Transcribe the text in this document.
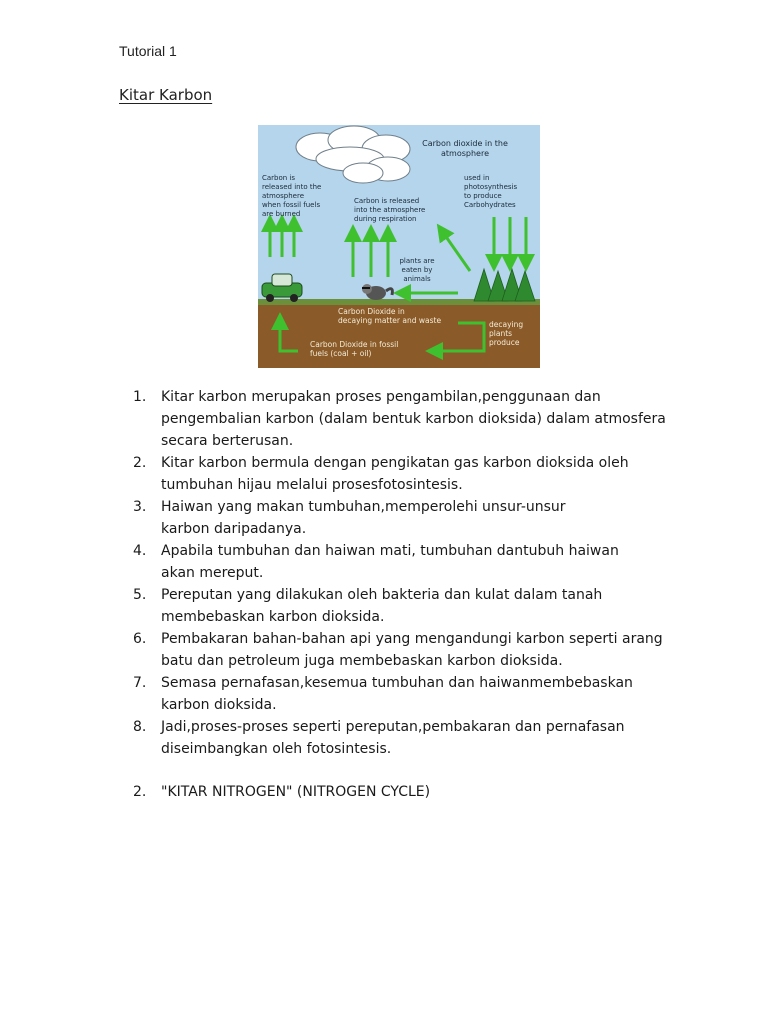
Tutorial 1
Kitar Karbon
Carbon dioxide in the
atmosphere
Carbon is
released into the
atmosphere
when fossil fuels
are burned
Carbon is released
into the atmosphere
during respiration
used in
photosynthesis
to produce
Carbohydrates
plants are
eaten by
animals
Carbon Dioxide in
decaying matter and waste
Carbon Dioxide in fossil
fuels (coal + oil)
decaying
plants
produce
1.	Kitar karbon merupakan proses pengambilan,penggunaan dan
pengembalian karbon (dalam bentuk karbon dioksida) dalam atmosfera
secara berterusan.
2.	Kitar karbon bermula dengan pengikatan gas karbon dioksida oleh
tumbuhan hijau melalui prosesfotosintesis.
3.	Haiwan yang makan tumbuhan,memperolehi unsur-unsur
karbon daripadanya.
4.	Apabila tumbuhan dan haiwan mati, tumbuhan dantubuh haiwan
akan mereput.
5.	Pereputan yang dilakukan oleh bakteria dan kulat dalam tanah
membebaskan karbon dioksida.
6.	Pembakaran bahan-bahan api yang mengandungi karbon seperti arang
batu dan petroleum juga membebaskan karbon dioksida.
7.	Semasa pernafasan,kesemua tumbuhan dan haiwanmembebaskan
karbon dioksida.
8.	Jadi,proses-proses seperti pereputan,pembakaran dan pernafasan
diseimbangkan oleh fotosintesis.
2. "KITAR NITROGEN" (NITROGEN CYCLE)
